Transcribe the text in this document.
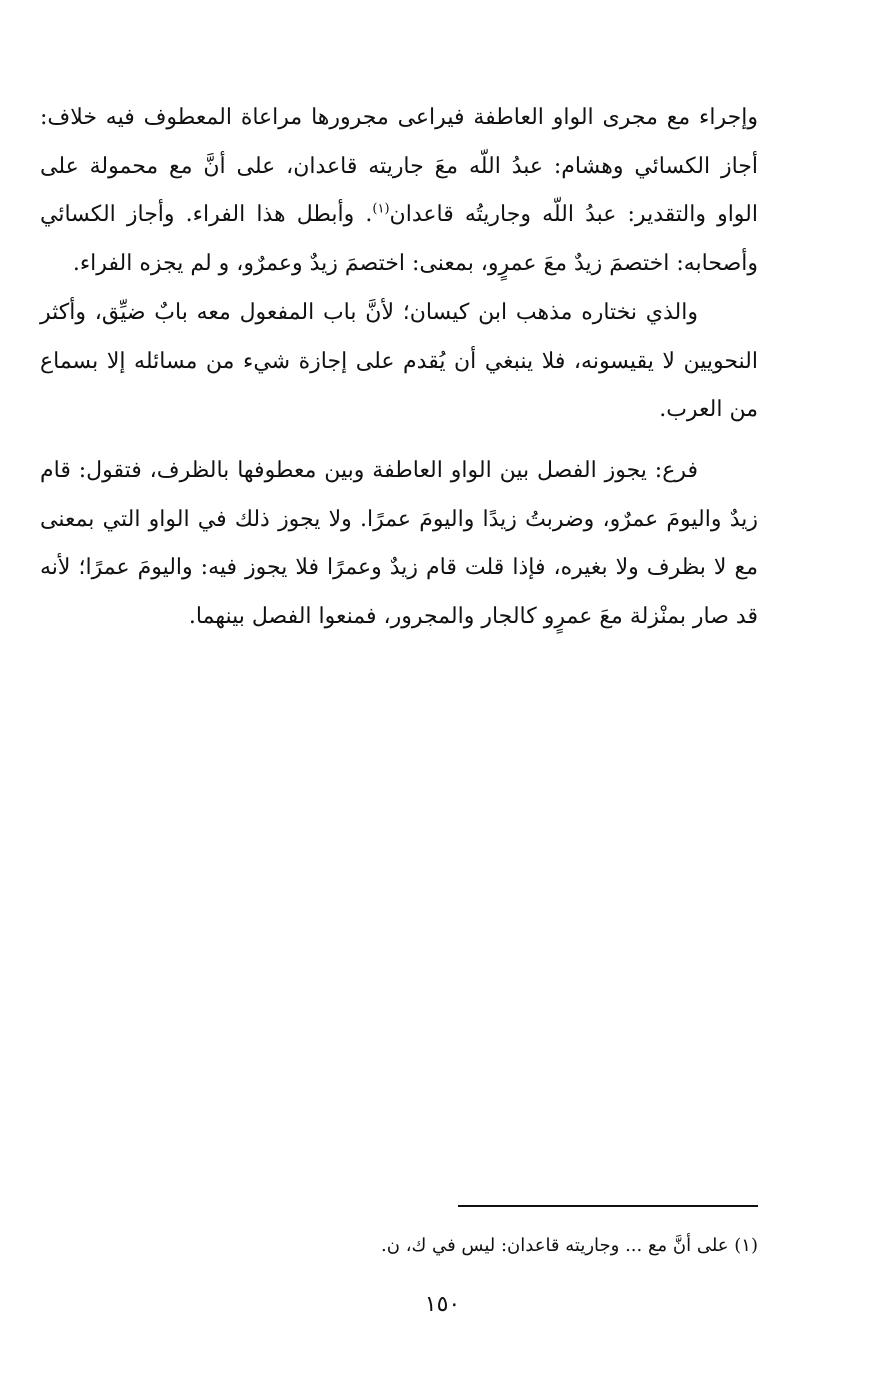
وإجراء مع مجرى الواو العاطفة فيراعى مجرورها مراعاة المعطوف فيه خلاف: أجاز الكسائي وهشام: عبدُ اللّه معَ جاريته قاعدان، على أنَّ مع محمولة على الواو والتقدير: عبدُ اللّه وجاريتُه قاعدان$^{(١)}$. وأبطل هذا الفراء. وأجاز الكسائي وأصحابه: اختصمَ زيدٌ معَ عمرٍو، بمعنى: اختصمَ زيدٌ وعمرٌو، و لم يجزه الفراء.

والذي نختاره مذهب ابن كيسان؛ لأنَّ باب المفعول معه بابٌ ضيِّق، وأكثر النحويين لا يقيسونه، فلا ينبغي أن يُقدم على إجازة شيء من مسائله إلا بسماع من العرب.

فرع: يجوز الفصل بين الواو العاطفة وبين معطوفها بالظرف، فتقول: قام زيدٌ واليومَ عمرٌو، وضربتُ زيدًا واليومَ عمرًا. ولا يجوز ذلك في الواو التي بمعنى مع لا بظرف ولا بغيره، فإذا قلت قام زيدٌ وعمرًا فلا يجوز فيه: واليومَ عمرًا؛ لأنه قد صار بمنْزلة معَ عمرٍو كالجار والمجرور، فمنعوا الفصل بينهما.

(١) على أنَّ مع ... وجاريته قاعدان: ليس في ك، ن.
١٥٠
